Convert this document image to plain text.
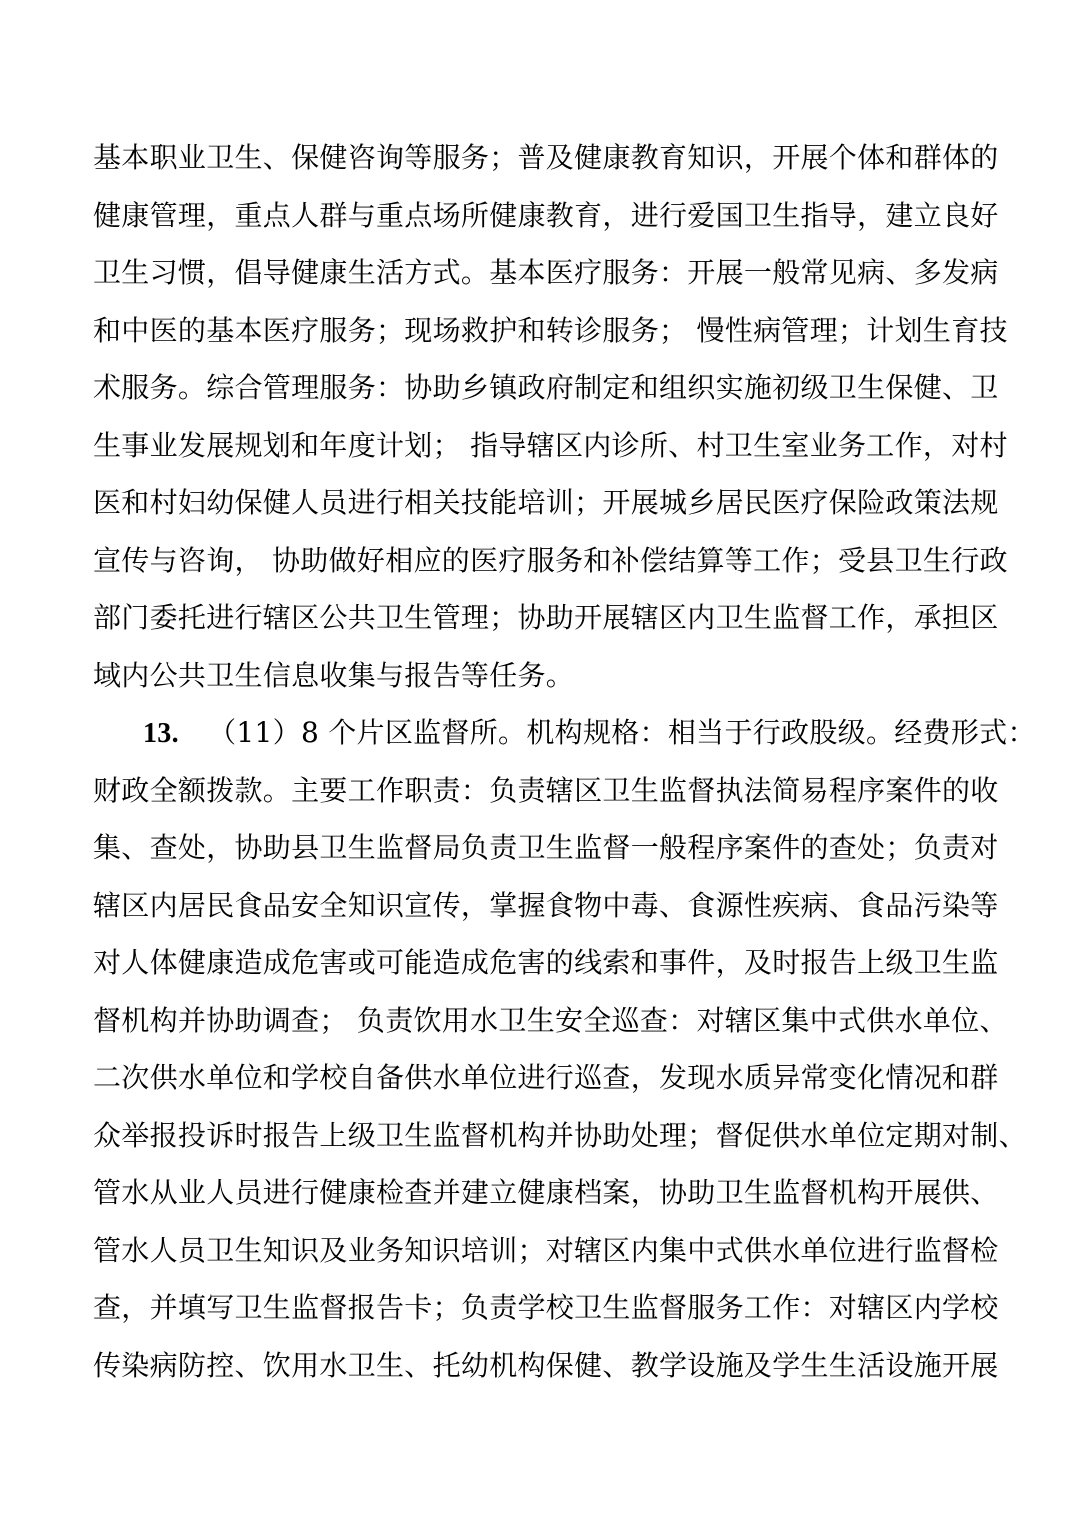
基本职业卫生、保健咨询等服务；普及健康教育知识，开展个体和群体的
健康管理，重点人群与重点场所健康教育，进行爱国卫生指导，建立良好
卫生习惯，倡导健康生活方式。基本医疗服务：开展一般常见病、多发病
和中医的基本医疗服务；现场救护和转诊服务； 慢性病管理；计划生育技
术服务。综合管理服务：协助乡镇政府制定和组织实施初级卫生保健、卫
生事业发展规划和年度计划； 指导辖区内诊所、村卫生室业务工作，对村
医和村妇幼保健人员进行相关技能培训；开展城乡居民医疗保险政策法规
宣传与咨询， 协助做好相应的医疗服务和补偿结算等工作；受县卫生行政
部门委托进行辖区公共卫生管理；协助开展辖区内卫生监督工作，承担区
域内公共卫生信息收集与报告等任务。
13. （11）8 个片区监督所。机构规格：相当于行政股级。经费形式：
财政全额拨款。主要工作职责：负责辖区卫生监督执法简易程序案件的收
集、查处，协助县卫生监督局负责卫生监督一般程序案件的查处；负责对
辖区内居民食品安全知识宣传，掌握食物中毒、食源性疾病、食品污染等
对人体健康造成危害或可能造成危害的线索和事件，及时报告上级卫生监
督机构并协助调查； 负责饮用水卫生安全巡查：对辖区集中式供水单位、
二次供水单位和学校自备供水单位进行巡查，发现水质异常变化情况和群
众举报投诉时报告上级卫生监督机构并协助处理；督促供水单位定期对制、
管水从业人员进行健康检查并建立健康档案，协助卫生监督机构开展供、
管水人员卫生知识及业务知识培训；对辖区内集中式供水单位进行监督检
查，并填写卫生监督报告卡；负责学校卫生监督服务工作：对辖区内学校
传染病防控、饮用水卫生、托幼机构保健、教学设施及学生生活设施开展
